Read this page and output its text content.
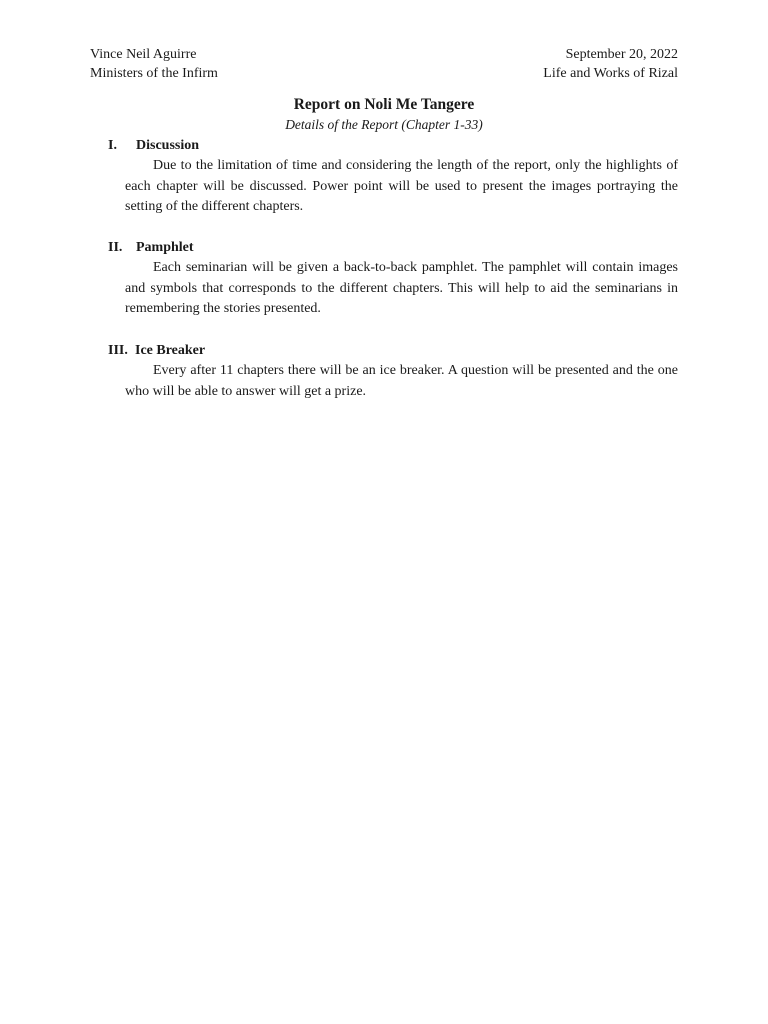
Vince Neil Aguirre	September 20, 2022
Ministers of the Infirm	Life and Works of Rizal
Report on Noli Me Tangere
Details of the Report (Chapter 1-33)
I.	Discussion
Due to the limitation of time and considering the length of the report, only the highlights of each chapter will be discussed. Power point will be used to present the images portraying the setting of the different chapters.
II. Pamphlet
Each seminarian will be given a back-to-back pamphlet. The pamphlet will contain images and symbols that corresponds to the different chapters. This will help to aid the seminarians in remembering the stories presented.
III. Ice Breaker
Every after 11 chapters there will be an ice breaker. A question will be presented and the one who will be able to answer will get a prize.
